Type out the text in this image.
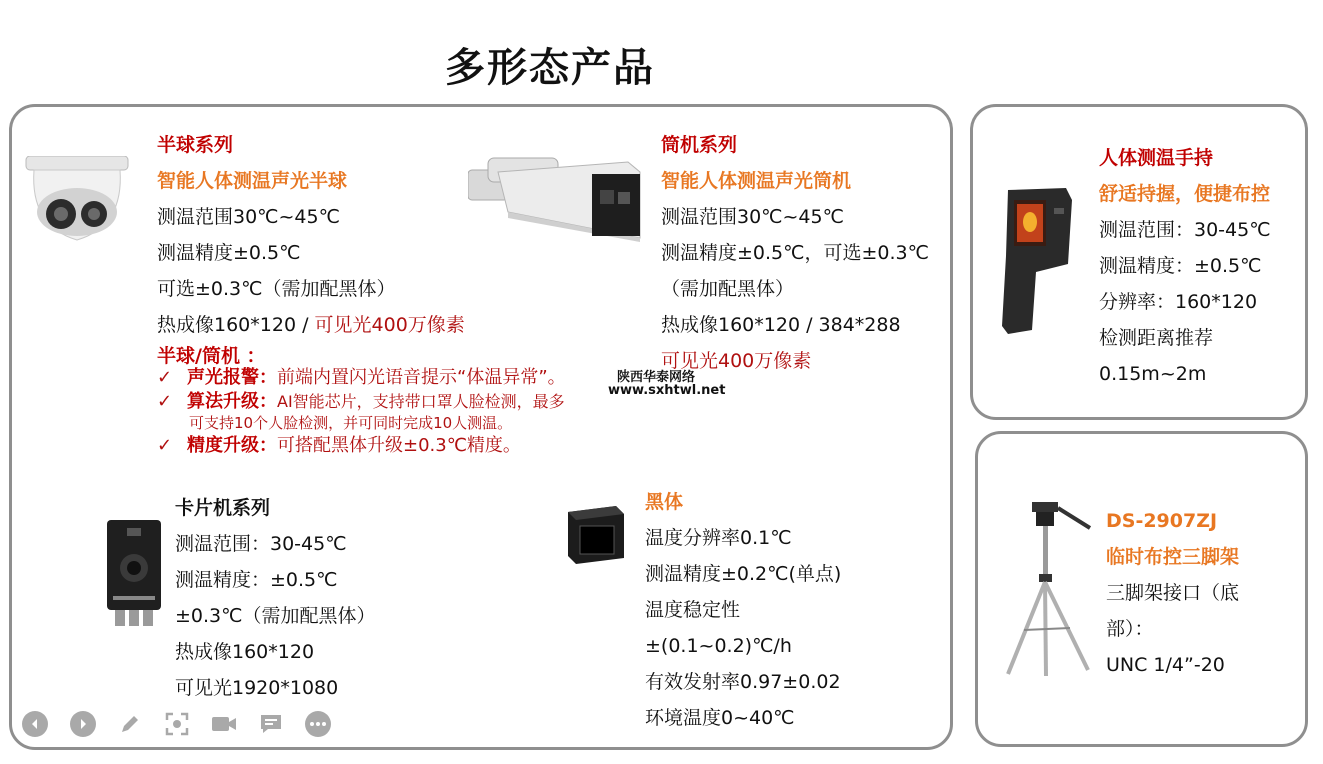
多形态产品
半球系列
智能人体测温声光半球
测温范围30℃~45℃
测温精度±0.5℃
可选±0.3℃（需加配黑体）
热成像160*120 / 可见光400万像素
筒机系列
智能人体测温声光筒机
测温范围30℃~45℃
测温精度±0.5℃，可选±0.3℃
（需加配黑体）
热成像160*120 / 384*288
可见光400万像素
半球/筒机 ：
✓ 声光报警：前端内置闪光语音提示“体温异常”。
✓ 算法升级：AI智能芯片，支持带口罩人脸检测，最多
可支持10个人脸检测，并可同时完成10人测温。
✓ 精度升级：可搭配黑体升级±0.3℃精度。
陕西华泰网络
www.sxhtwl.net
卡片机系列
测温范围：30-45℃
测温精度：±0.5℃
±0.3℃（需加配黑体）
热成像160*120
可见光1920*1080
黑体
温度分辨率0.1℃
测温精度±0.2℃(单点)
温度稳定性
±(0.1~0.2)℃/h
有效发射率0.97±0.02
环境温度0~40℃
人体测温手持
舒适持握，便捷布控
测温范围：30-45℃
测温精度：±0.5℃
分辨率：160*120
检测距离推荐
0.15m~2m
DS-2907ZJ
临时布控三脚架
三脚架接口（底
部）：
UNC 1/4”-20
